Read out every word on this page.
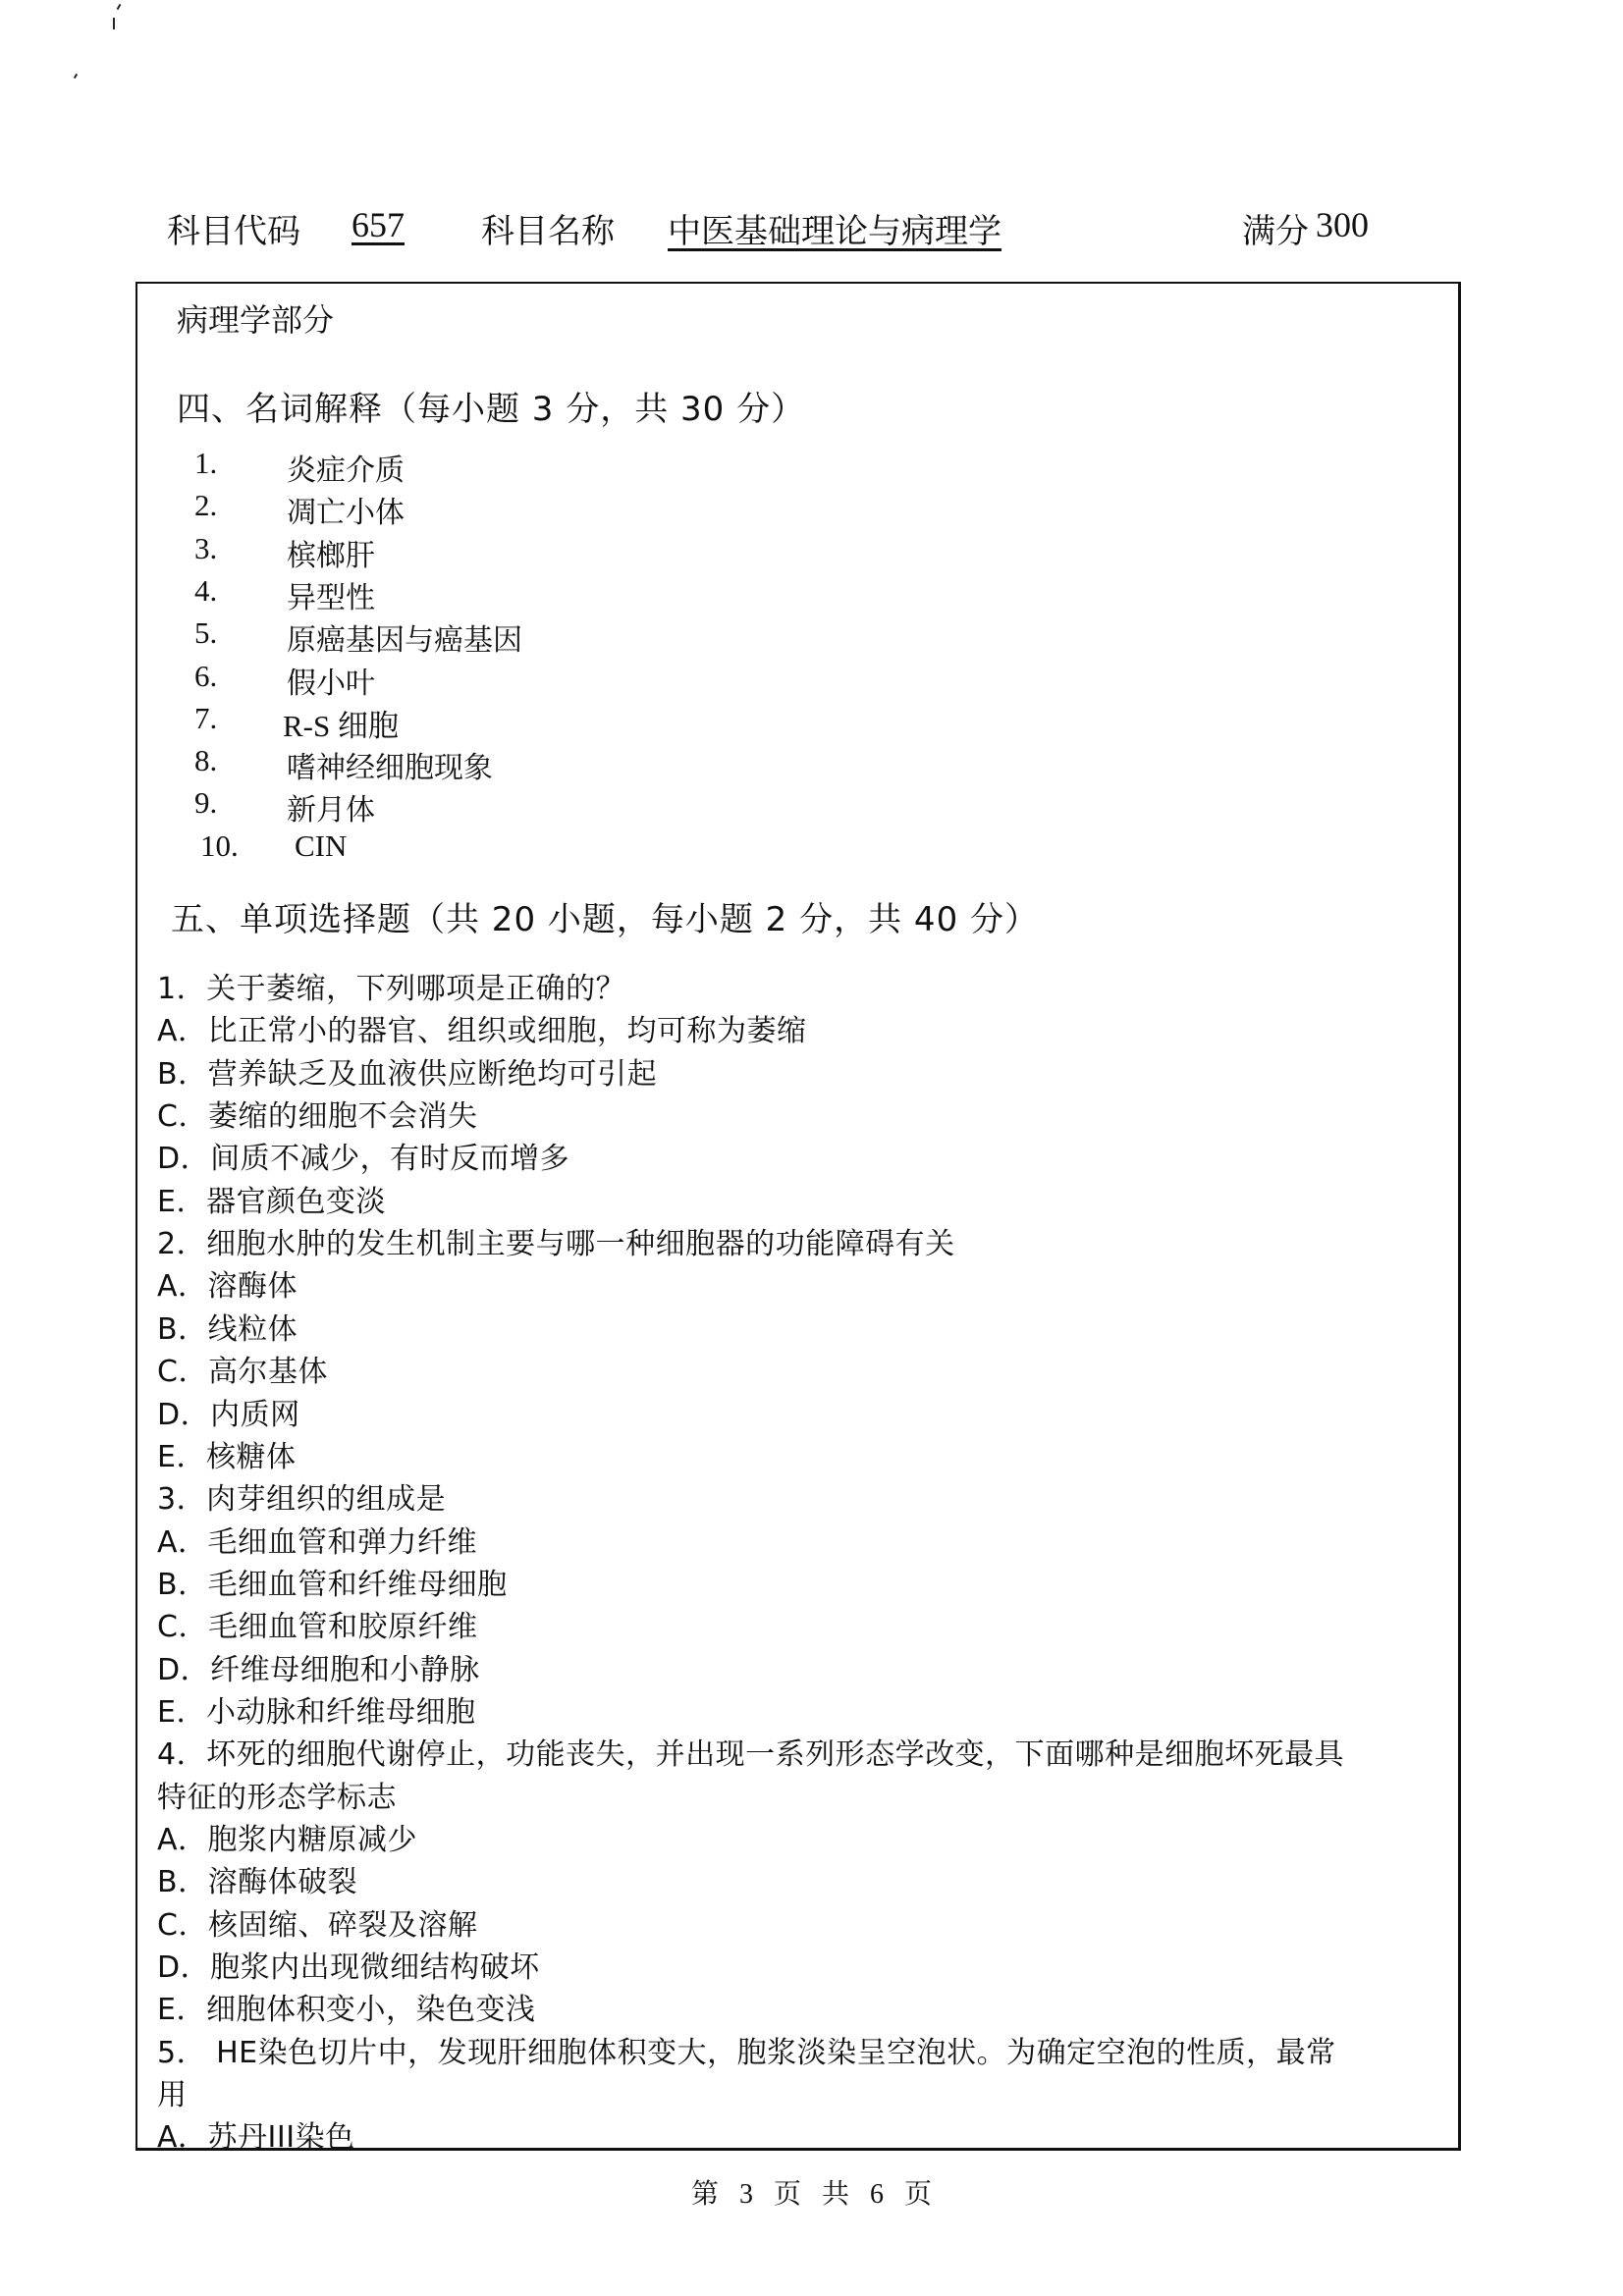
科目代码 657 科目名称 中医基础理论与病理学	满分 300
病理学部分
四、名词解释（每小题 3 分，共 30 分）
1.	炎症介质
2.	凋亡小体
3.	槟榔肝
4.	异型性
5.	原癌基因与癌基因
6.	假小叶
7.	R-S 细胞
8.	嗜神经细胞现象
9.	新月体
10.	CIN
五、单项选择题（共 20 小题，每小题 2 分，共 40 分）
1．关于萎缩，下列哪项是正确的？
A．比正常小的器官、组织或细胞，均可称为萎缩
B．营养缺乏及血液供应断绝均可引起
C．萎缩的细胞不会消失
D．间质不减少，有时反而增多
E．器官颜色变淡
2．细胞水肿的发生机制主要与哪一种细胞器的功能障碍有关
A．溶酶体
B．线粒体
C．高尔基体
D．内质网
E．核糖体
3．肉芽组织的组成是
A．毛细血管和弹力纤维
B．毛细血管和纤维母细胞
C．毛细血管和胶原纤维
D．纤维母细胞和小静脉
E．小动脉和纤维母细胞
4．坏死的细胞代谢停止，功能丧失，并出现一系列形态学改变，下面哪种是细胞坏死最具
特征的形态学标志
A．胞浆内糖原减少
B．溶酶体破裂
C．核固缩、碎裂及溶解
D．胞浆内出现微细结构破坏
E．细胞体积变小，染色变浅
5． HE染色切片中，发现肝细胞体积变大，胞浆淡染呈空泡状。为确定空泡的性质，最常
用
A．苏丹III染色
第 3 页 共 6 页
